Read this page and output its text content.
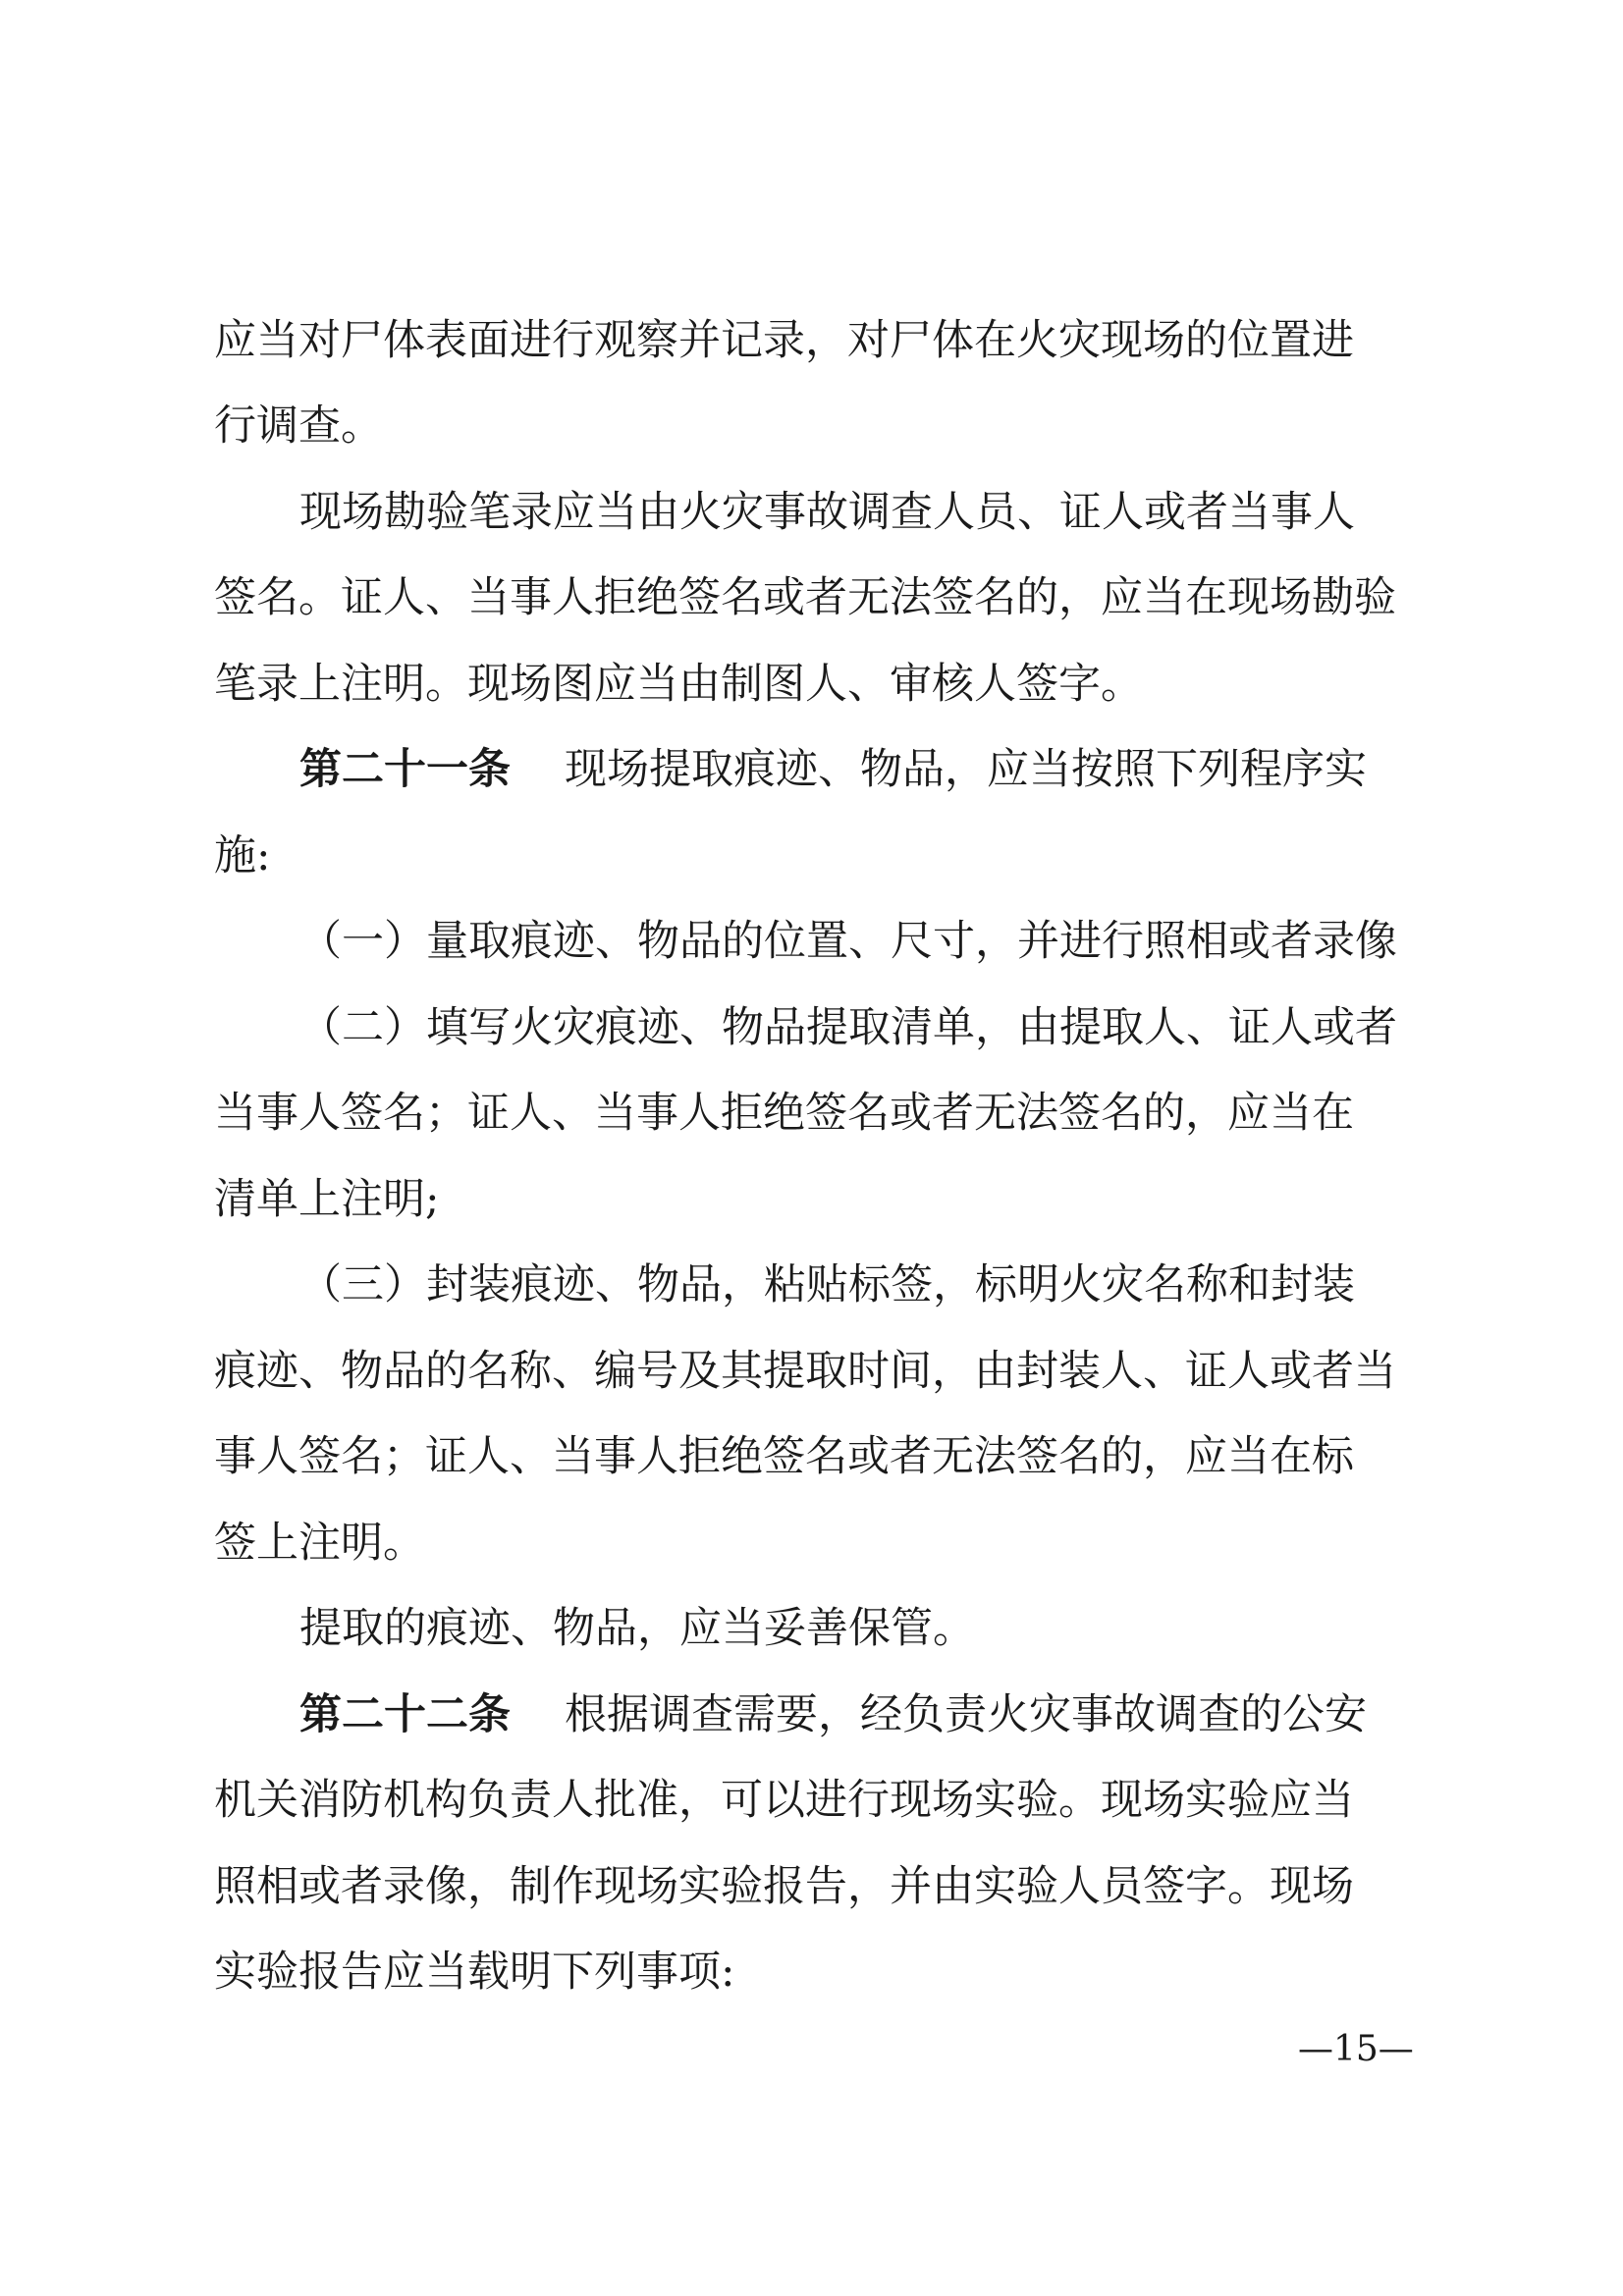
应当对尸体表面进行观察并记录，对尸体在火灾现场的位置进
行调查。
现场勘验笔录应当由火灾事故调查人员、证人或者当事人
签名。证人、当事人拒绝签名或者无法签名的，应当在现场勘验
笔录上注明。现场图应当由制图人、审核人签字。
第二十一条 现场提取痕迹、物品，应当按照下列程序实
施:
（一）量取痕迹、物品的位置、尺寸，并进行照相或者录像
（二）填写火灾痕迹、物品提取清单，由提取人、证人或者
当事人签名；证人、当事人拒绝签名或者无法签名的，应当在
清单上注明;
（三）封装痕迹、物品，粘贴标签，标明火灾名称和封装
痕迹、物品的名称、编号及其提取时间，由封装人、证人或者当
事人签名；证人、当事人拒绝签名或者无法签名的，应当在标
签上注明。
提取的痕迹、物品，应当妥善保管。
第二十二条 根据调查需要，经负责火灾事故调查的公安
机关消防机构负责人批准，可以进行现场实验。现场实验应当
照相或者录像，制作现场实验报告，并由实验人员签字。现场
实验报告应当载明下列事项:
—15—
